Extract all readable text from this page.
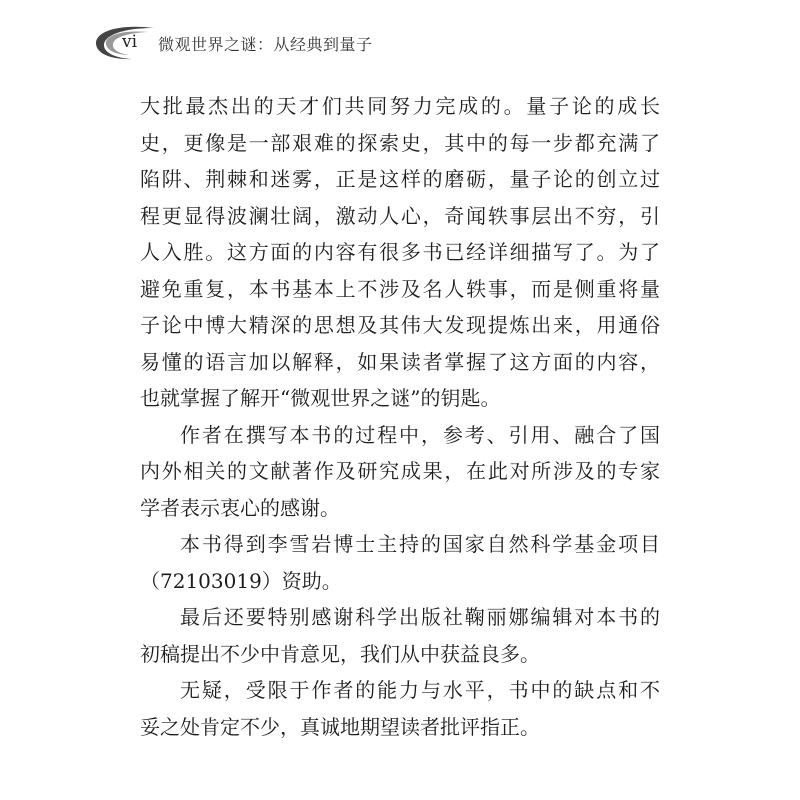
vi 微观世界之谜：从经典到量子

大批最杰出的天才们共同努力完成的。量子论的成长
史，更像是一部艰难的探索史，其中的每一步都充满了
陷阱、荆棘和迷雾，正是这样的磨砺，量子论的创立过
程更显得波澜壮阔，激动人心，奇闻轶事层出不穷，引
人入胜。这方面的内容有很多书已经详细描写了。为了
避免重复，本书基本上不涉及名人轶事，而是侧重将量
子论中博大精深的思想及其伟大发现提炼出来，用通俗
易懂的语言加以解释，如果读者掌握了这方面的内容，
也就掌握了解开“微观世界之谜”的钥匙。

作者在撰写本书的过程中，参考、引用、融合了国
内外相关的文献著作及研究成果，在此对所涉及的专家
学者表示衷心的感谢。

本书得到李雪岩博士主持的国家自然科学基金项目
（72103019）资助。

最后还要特别感谢科学出版社鞠丽娜编辑对本书的
初稿提出不少中肯意见，我们从中获益良多。

无疑，受限于作者的能力与水平，书中的缺点和不
妥之处肯定不少，真诚地期望读者批评指正。
